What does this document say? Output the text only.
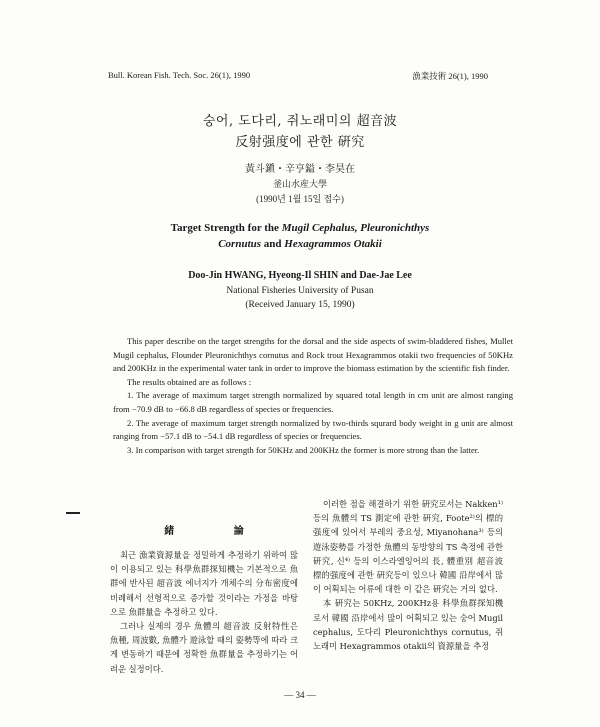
Bull. Korean Fish. Tech. Soc. 26(1), 1990	漁業技術 26(1), 1990
숭어, 도다리, 쥐노래미의 超音波
反射强度에 관한 硏究
黃斗鎭・辛亨鎰・李昊在
釜山水産大學
(1990년 1월 15일 접수)
Target Strength for the Mugil Cephalus, Pleuronichthys
Cornutus and Hexagrammos Otakii
Doo-Jin HWANG, Hyeong-Il SHIN and Dae-Jae Lee
National Fisheries University of Pusan
(Received January 15, 1990)

This paper describe on the target strengths for the dorsal and the side aspects of swim-bladdered fishes, Mullet Mugil cephalus, Flounder Pleuronichthys cornutus and Rock trout Hexagrammos otakii two frequencies of 50KHz and 200KHz in the experimental water tank in order to improve the biomass estimation by the scientific fish finder.

The results obtained are as follows :

1. The average of maximum target strength normalized by squared total length in cm unit are almost ranging from −70.9 dB to −66.8 dB regardless of species or frequencies.

2. The average of maximum target strength normalized by two-thirds squrard body weight in g unit are almost ranging from −57.1 dB to −54.1 dB regardless of species or frequencies.

3. In comparison with target strength for 50KHz and 200KHz the former is more strong than the latter.

緒 論

최근 漁業資源量을 정밀하게 추정하기 위하여 많이 이용되고 있는 科學魚群探知機는 기본적으로 魚群에 반사된 超音波 에너지가 개체수의 分布密度에 비례해서 선형적으로 증가할 것이라는 가정을 바탕으로 魚群量을 추정하고 있다.

그러나 실제의 경우 魚體의 超音波 反射特性은 魚種, 周波數, 魚體가 遊泳할 때의 姿勢等에 따라 크게 변동하기 때문에 정확한 魚群量을 추정하기는 어려운 실정이다.

이러한 점을 해결하기 위한 硏究로서는 Nakken¹⁾ 등의 魚體의 TS 測定에 관한 硏究, Foote²⁾의 標的强度에 있어서 부레의 중요성, Miyanohana³⁾ 등의 遊泳姿勢를 가정한 魚體의 동방향의 TS 측정에 관한 硏究, 신⁴⁾ 등의 이스라엘잉어의 長, 體重別 超音波 標的强度에 관한 硏究등이 있으나 韓國 沿岸에서 많이 어획되는 어류에 대한 이 같은 硏究는 거의 없다.

本 硏究는 50KHz, 200KHz용 科學魚群探知機로서 韓國 沿岸에서 많이 어획되고 있는 숭어 Mugil cephalus, 도다리 Pleuronichthys cornutus, 쥐노래미 Hexagrammos otakii의 資源量을 추정

— 34 —
